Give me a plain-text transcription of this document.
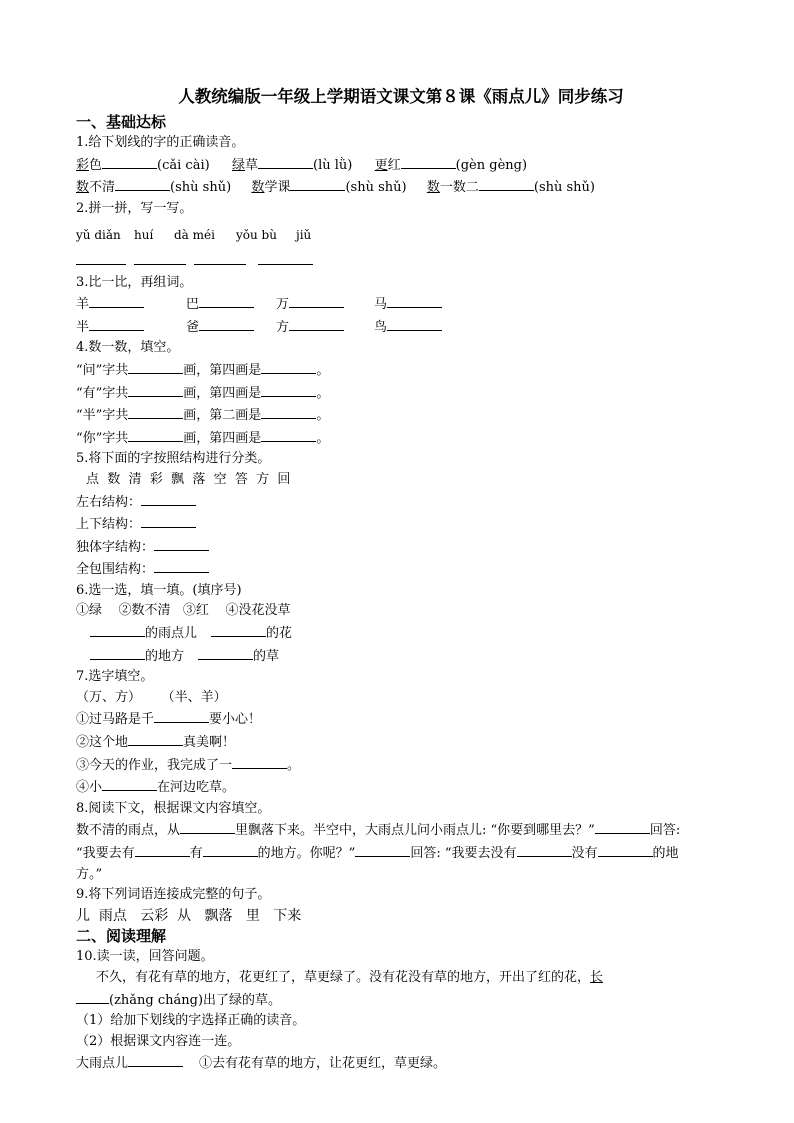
人教统编版一年级上学期语文课文第８课《雨点儿》同步练习
一、基础达标
1.给下划线的字的正确读音。
彩色	(cǎi cài) 绿草	(lù lǜ) 更红	(gèn gèng)
数不清	(shù shǔ) 数学课	(shù shǔ) 数一数二	(shù shǔ)
2.拼一拼，写一写。
yǔ diǎn huí dà méi yǒu bù jiǔ
3.比一比，再组词。
羊	巴	万	马
半	爸	方	鸟
4.数一数，填空。
“问”字共	画，第四画是	。
“有”字共	画，第四画是	。
“半”字共	画，第二画是	。
“你”字共	画，第四画是	。
5.将下面的字按照结构进行分类。
点  数  清  彩  飘  落  空  答  方  回
左右结构：
上下结构：
独体字结构：
全包围结构：
6.选一选，填一填。(填序号)
①绿    ②数不清   ③红    ④没花没草
的雨点儿	的花
的地方	的草
7.选字填空。
（万、方）     （半、羊）
①过马路是千	要小心！
②这个地	真美啊！
③今天的作业，我完成了一	。
④小	在河边吃草。
8.阅读下文，根据课文内容填空。
数不清的雨点，从	里飘落下来。半空中，大雨点儿问小雨点儿: “你要到哪里去？”	回答:
“我要去有	有	的地方。你呢？”	回答: “我要去没有	没有	的地
方。”
9.将下列词语连接成完整的句子。
儿  雨点   云彩  从   飘落   里   下来
二、阅读理解
10.读一读，回答问题。
不久，有花有草的地方，花更红了，草更绿了。没有花没有草的地方，开出了红的花，长
(zhǎng cháng)出了绿的草。
（1）给加下划线的字选择正确的读音。
（2）根据课文内容连一连。
大雨点儿	①去有花有草的地方，让花更红，草更绿。
